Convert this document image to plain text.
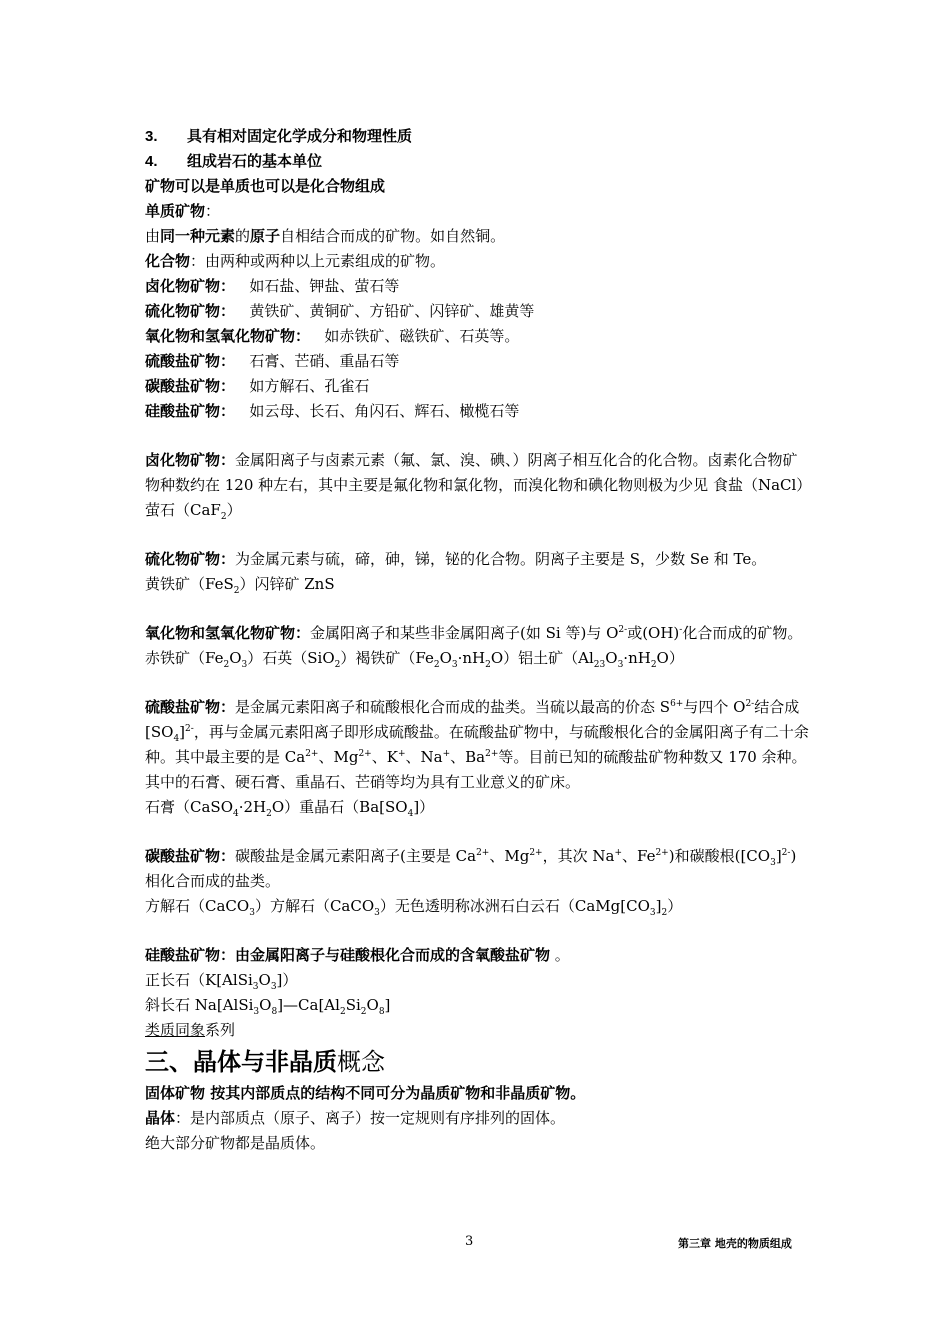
3. 具有相对固定化学成分和物理性质
4. 组成岩石的基本单位
矿物可以是单质也可以是化合物组成
单质矿物：
由同一种元素的原子自相结合而成的矿物。如自然铜。
化合物：由两种或两种以上元素组成的矿物。
卤化物矿物： 如石盐、钾盐、萤石等
硫化物矿物： 黄铁矿、黄铜矿、方铅矿、闪锌矿、雄黄等
氧化物和氢氧化物矿物： 如赤铁矿、磁铁矿、石英等。
硫酸盐矿物： 石膏、芒硝、重晶石等
碳酸盐矿物： 如方解石、孔雀石
硅酸盐矿物： 如云母、长石、角闪石、辉石、橄榄石等
卤化物矿物：金属阳离子与卤素元素（氟、氯、溴、碘、）阴离子相互化合的化合物。卤素化合物矿物种数约在 120 种左右，其中主要是氟化物和氯化物，而溴化物和碘化物则极为少见 食盐（NaCl）萤石（CaF$_2$）
硫化物矿物：为金属元素与硫，碲，砷，锑，铋的化合物。阴离子主要是 S，少数 Se 和 Te。
黄铁矿（FeS$_2$）闪锌矿 ZnS
氧化物和氢氧化物矿物：金属阳离子和某些非金属阳离子(如 Si 等)与 $O^{2-}$或(OH)-化合而成的矿物。赤铁矿$(Fe_2O_3)$石英（SiO$_2$）褐铁矿$(Fe_2O_3\cdot nH_2O)$铝土矿$(Al_{23}O_3\cdot nH_2O)$
硫酸盐矿物：是金属元素阳离子和硫酸根化合而成的盐类。当硫以最高的价态 $S^{6+}$与四个 $O^{2-}$结合成$[SO_4]^{2-}$，再与金属元素阳离子即形成硫酸盐。在硫酸盐矿物中，与硫酸根化合的金属阳离子有二十余种。其中最主要的是 $Ca^{2+}$、$Mg^{2+}$、K+、Na+、$Ba^{2+}$等。目前已知的硫酸盐矿物种数又 170 余种。其中的石膏、硬石膏、重晶石、芒硝等均为具有工业意义的矿床。
石膏$(CaSO_4\cdot 2H_2O)$重晶石$(Ba[SO_4])$
碳酸盐矿物：碳酸盐是金属元素阳离子(主要是 $Ca^{2+}$、$Mg^{2+}$，其次 Na+、$Fe^{2+}$)和碳酸根$([CO_3]^{2-})$相化合而成的盐类。
方解石（CaCO$_3$）方解石（CaCO$_3$）无色透明称冰洲石白云石$(CaMg[CO_3]_2)$
硅酸盐矿物：由金属阳离子与硅酸根化合而成的含氧酸盐矿物 。
正长石$(K[AlSi_3O_3])$
斜长石 $Na[AlSi_3O_8]—Ca[Al_2Si_2O_8]$
类质同象系列
三、晶体与非晶质概念
固体矿物 按其内部质点的结构不同可分为晶质矿物和非晶质矿物。
晶体：是内部质点（原子、离子）按一定规则有序排列的固体。
绝大部分矿物都是晶质体。
3	第三章 地壳的物质组成
